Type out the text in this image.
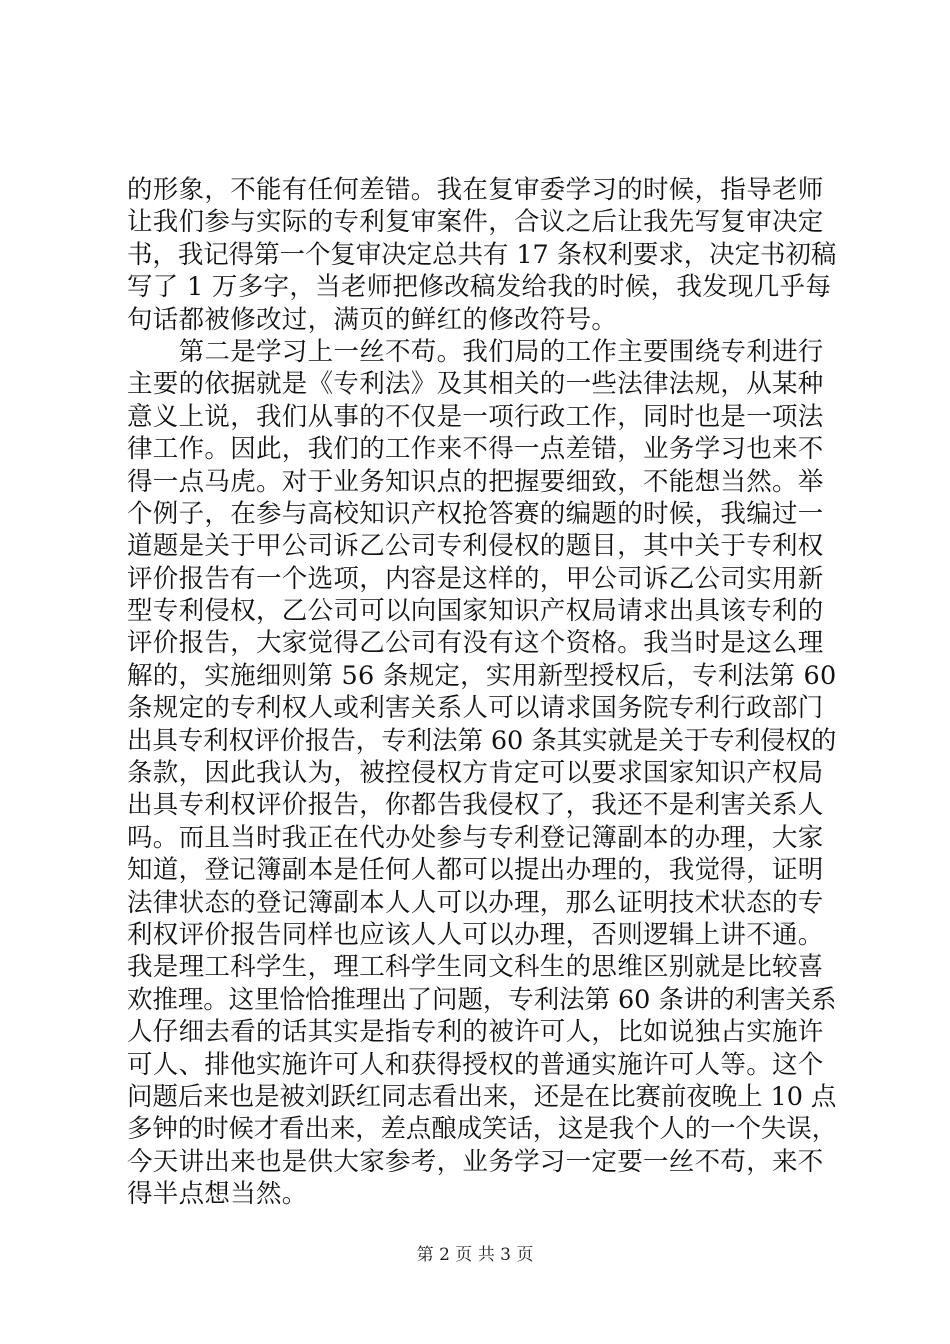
的形象，不能有任何差错。我在复审委学习的时候，指导老师
让我们参与实际的专利复审案件，合议之后让我先写复审决定
书，我记得第一个复审决定总共有 17 条权利要求，决定书初稿
写了 1 万多字，当老师把修改稿发给我的时候，我发现几乎每
句话都被修改过，满页的鲜红的修改符号。
　　第二是学习上一丝不苟。我们局的工作主要围绕专利进行
主要的依据就是《专利法》及其相关的一些法律法规，从某种
意义上说，我们从事的不仅是一项行政工作，同时也是一项法
律工作。因此，我们的工作来不得一点差错，业务学习也来不
得一点马虎。对于业务知识点的把握要细致，不能想当然。举
个例子，在参与高校知识产权抢答赛的编题的时候，我编过一
道题是关于甲公司诉乙公司专利侵权的题目，其中关于专利权
评价报告有一个选项，内容是这样的，甲公司诉乙公司实用新
型专利侵权，乙公司可以向国家知识产权局请求出具该专利的
评价报告，大家觉得乙公司有没有这个资格。我当时是这么理
解的，实施细则第 56 条规定，实用新型授权后，专利法第 60
条规定的专利权人或利害关系人可以请求国务院专利行政部门
出具专利权评价报告，专利法第 60 条其实就是关于专利侵权的
条款，因此我认为，被控侵权方肯定可以要求国家知识产权局
出具专利权评价报告，你都告我侵权了，我还不是利害关系人
吗。而且当时我正在代办处参与专利登记簿副本的办理，大家
知道，登记簿副本是任何人都可以提出办理的，我觉得，证明
法律状态的登记簿副本人人可以办理，那么证明技术状态的专
利权评价报告同样也应该人人可以办理，否则逻辑上讲不通。
我是理工科学生，理工科学生同文科生的思维区别就是比较喜
欢推理。这里恰恰推理出了问题，专利法第 60 条讲的利害关系
人仔细去看的话其实是指专利的被许可人，比如说独占实施许
可人、排他实施许可人和获得授权的普通实施许可人等。这个
问题后来也是被刘跃红同志看出来，还是在比赛前夜晚上 10 点
多钟的时候才看出来，差点酿成笑话，这是我个人的一个失误，
今天讲出来也是供大家参考，业务学习一定要一丝不苟，来不
得半点想当然。
第 2 页 共 3 页
